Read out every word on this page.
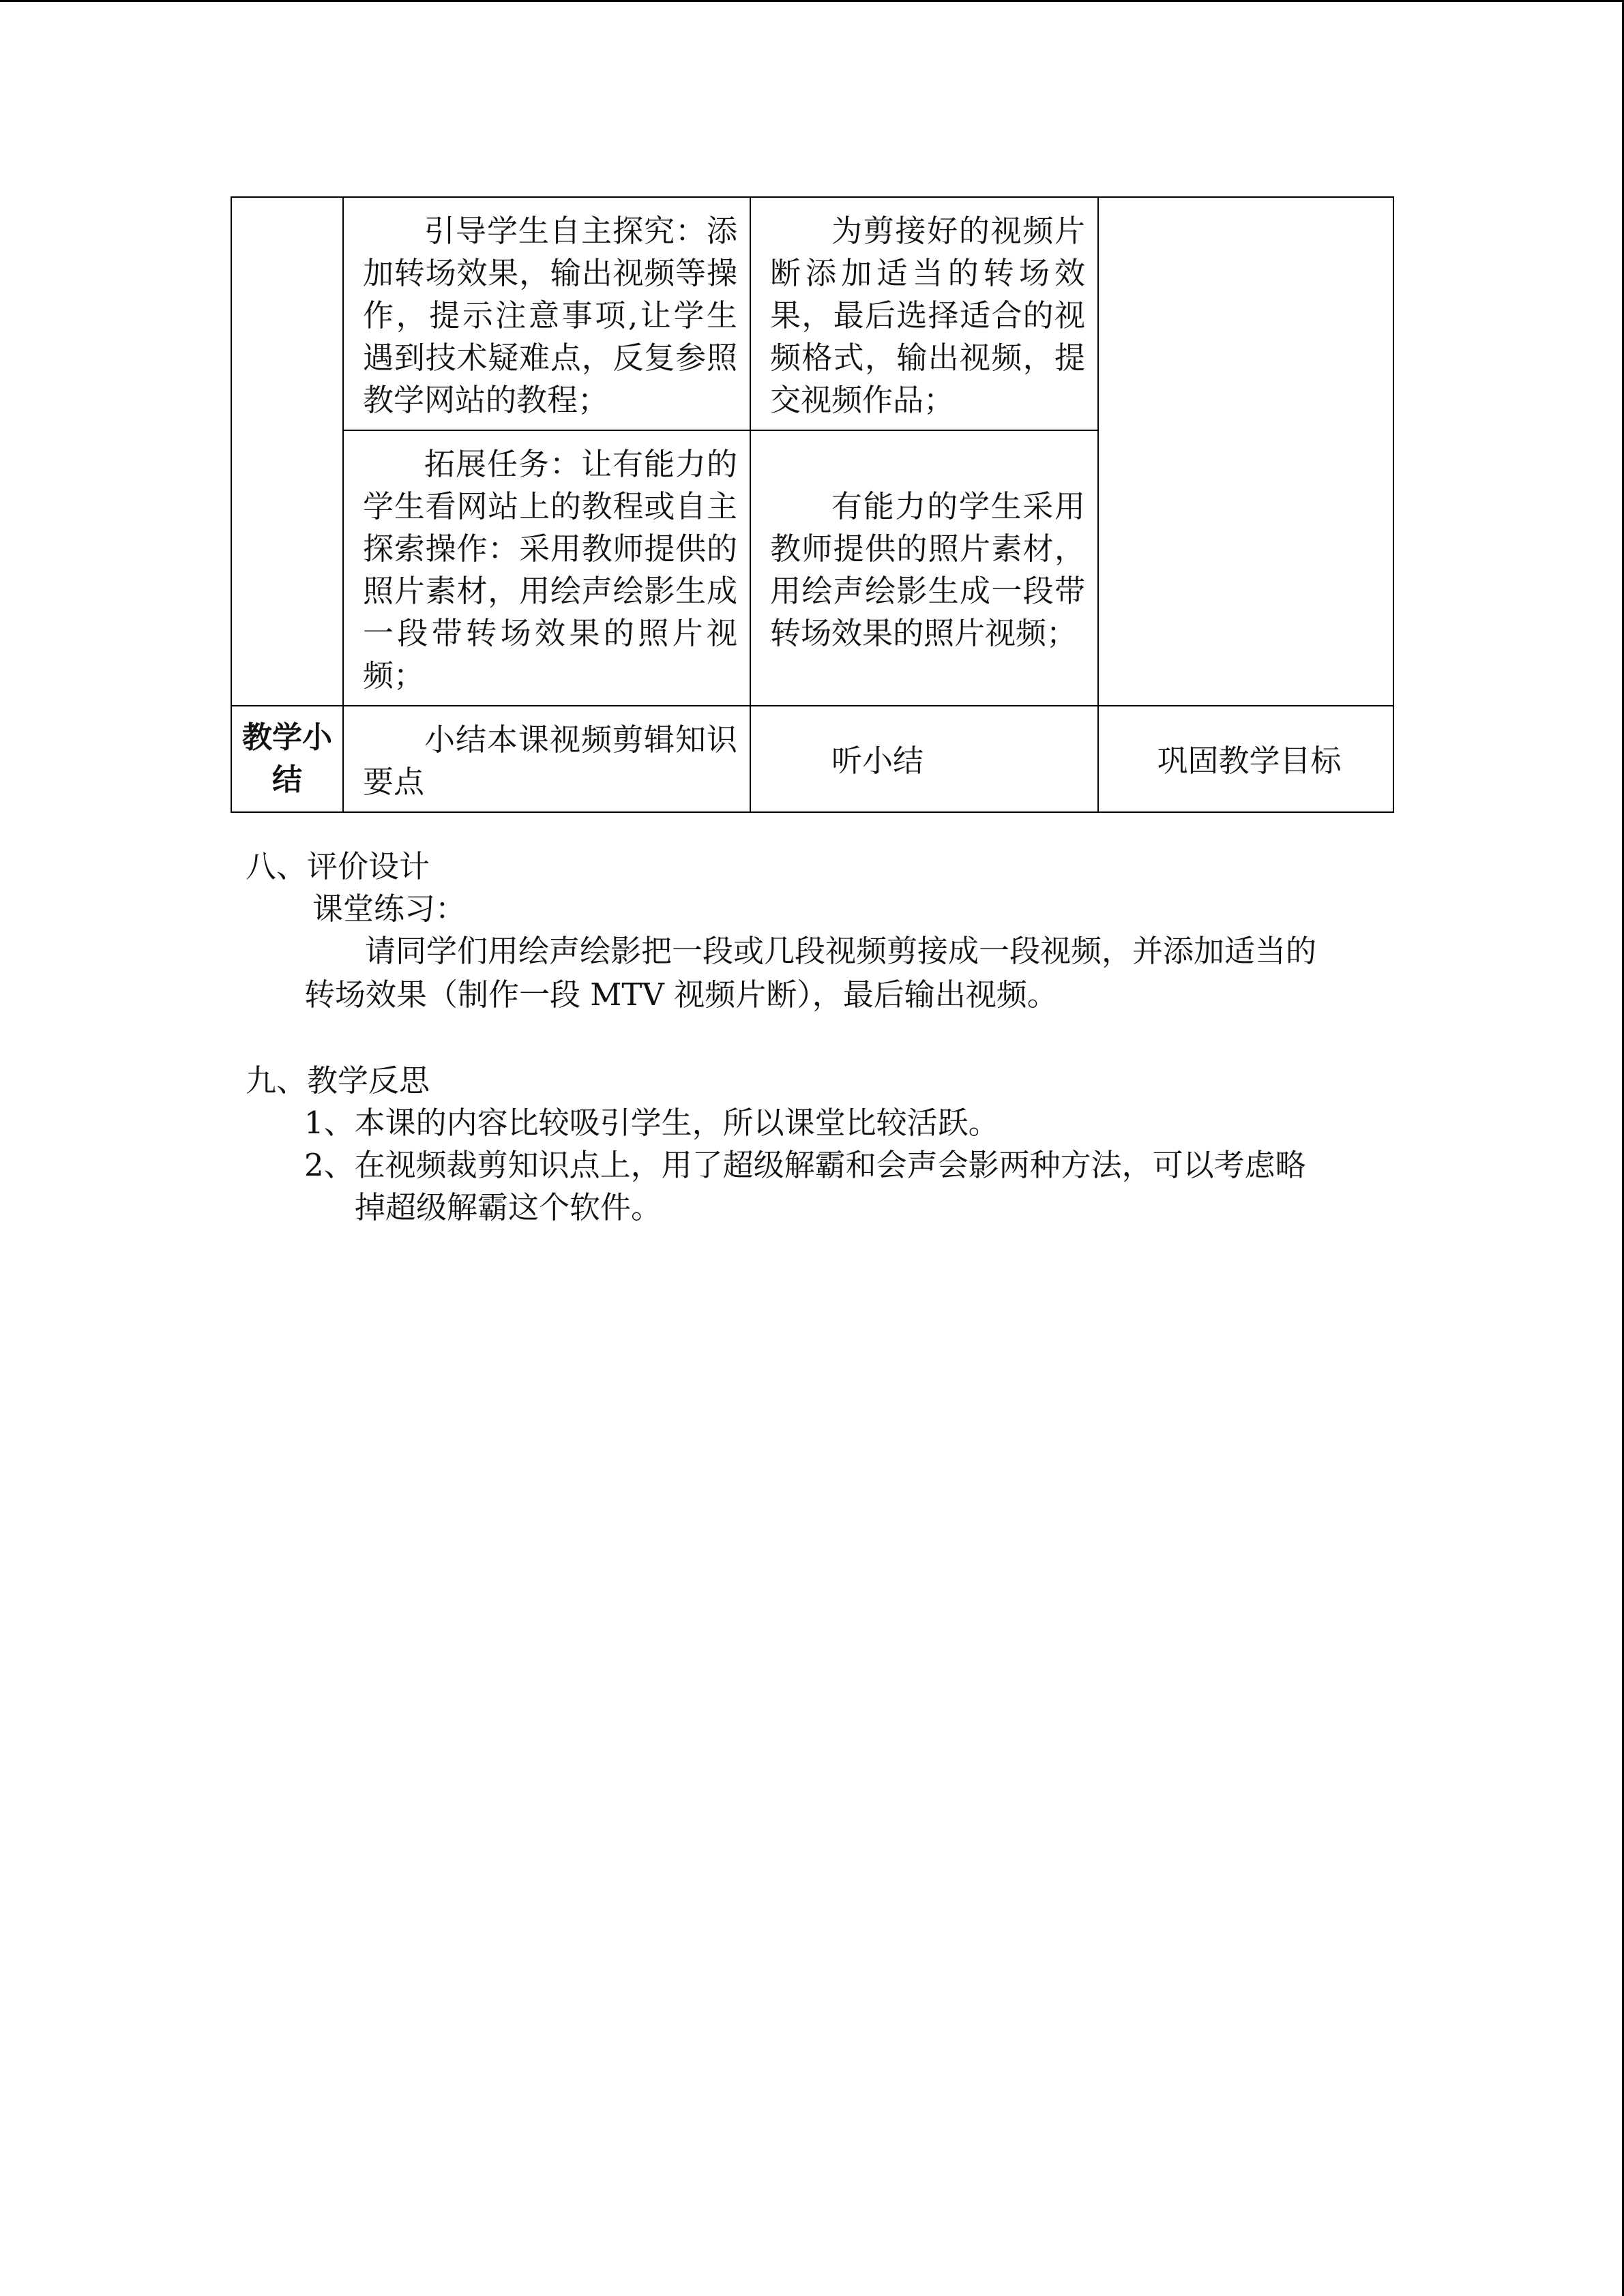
	引导学生自主探究：添加转场效果，输出视频等操作，提示注意事项,让学生遇到技术疑难点，反复参照教学网站的教程；	为剪接好的视频片断添加适当的转场效果，最后选择适合的视频格式，输出视频，提交视频作品；	

	拓展任务：让有能力的学生看网站上的教程或自主探索操作：采用教师提供的照片素材，用绘声绘影生成一段带转场效果的照片视频；	有能力的学生采用教师提供的照片素材，用绘声绘影生成一段带转场效果的照片视频；	

教学小结	小结本课视频剪辑知识要点	听小结	巩固教学目标
八、评价设计
课堂练习：
请同学们用绘声绘影把一段或几段视频剪接成一段视频，并添加适当的
转场效果（制作一段 MTV 视频片断），最后输出视频。
九、教学反思
1、本课的内容比较吸引学生，所以课堂比较活跃。
2、在视频裁剪知识点上，用了超级解霸和会声会影两种方法，可以考虑略
掉超级解霸这个软件。
